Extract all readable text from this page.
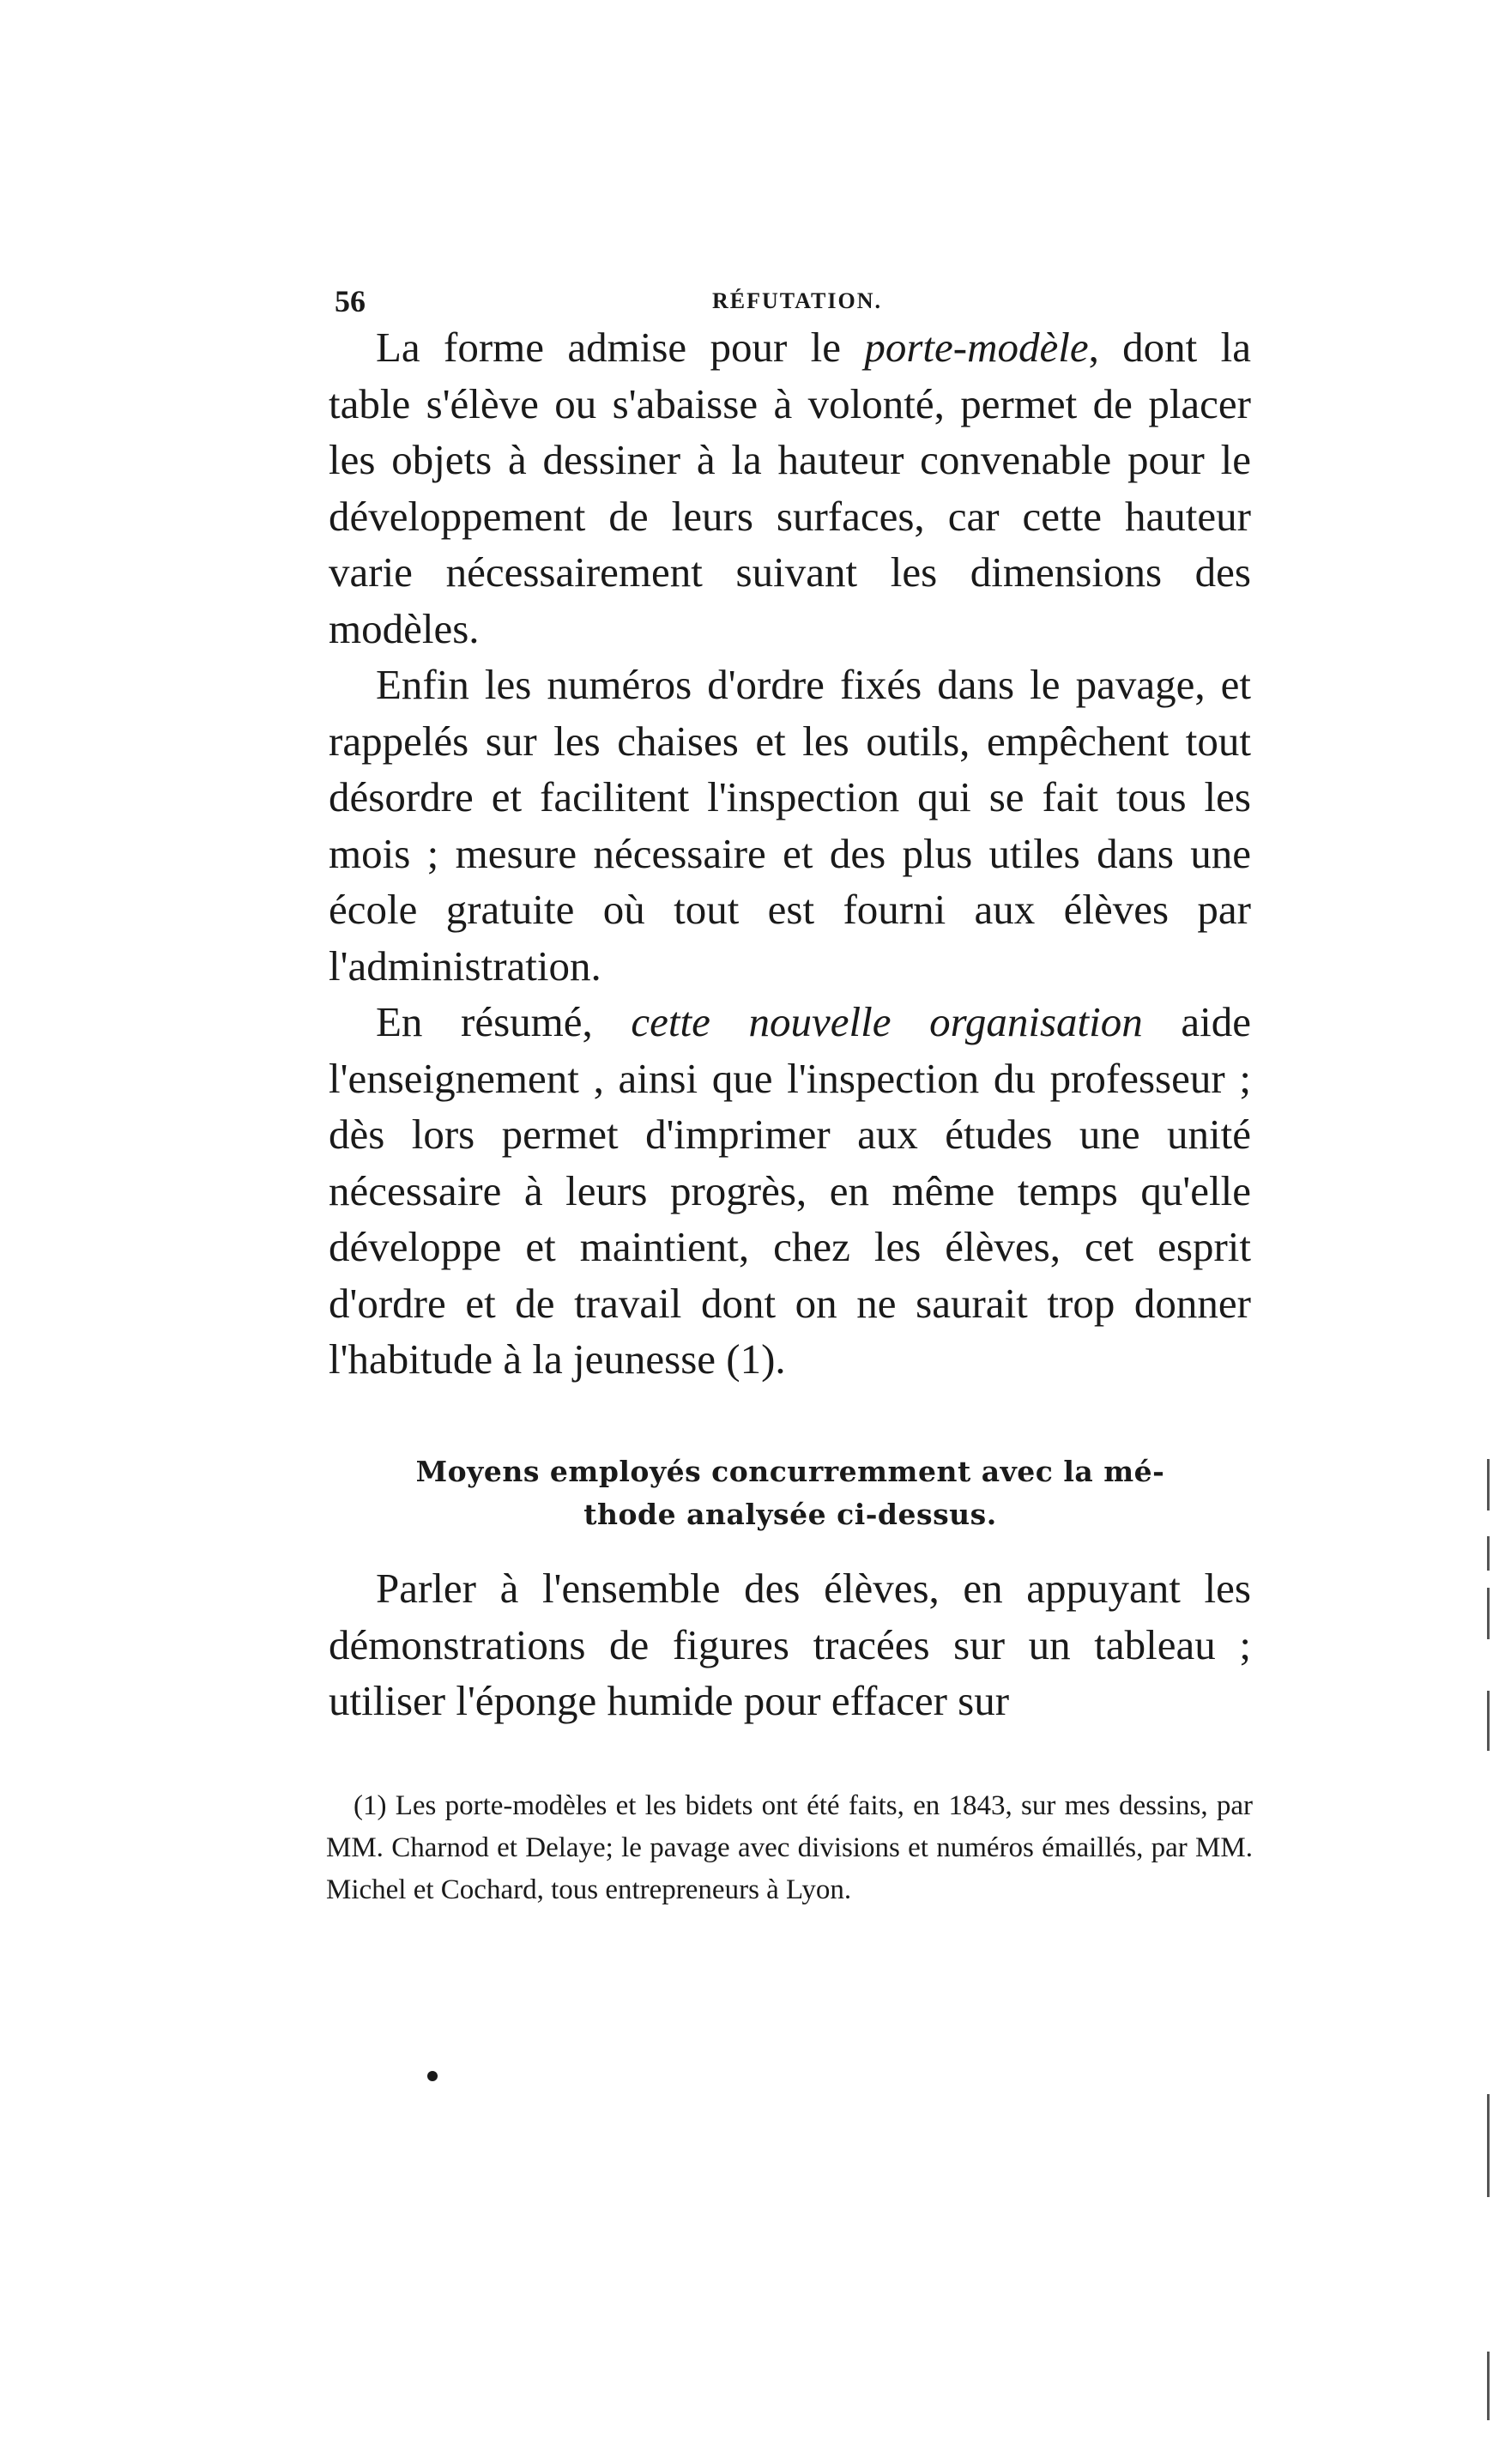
56	RÉFUTATION.

La forme admise pour le porte-modèle, dont la table s'élève ou s'abaisse à volonté, permet de placer les objets à dessiner à la hauteur convenable pour le développement de leurs surfaces, car cette hauteur varie nécessairement suivant les dimensions des modèles.

Enfin les numéros d'ordre fixés dans le pavage, et rappelés sur les chaises et les outils, empêchent tout désordre et facilitent l'inspection qui se fait tous les mois ; mesure nécessaire et des plus utiles dans une école gratuite où tout est fourni aux élèves par l'administration.

En résumé, cette nouvelle organisation aide l'enseignement , ainsi que l'inspection du professeur ; dès lors permet d'imprimer aux études une unité nécessaire à leurs progrès, en même temps qu'elle développe et maintient, chez les élèves, cet esprit d'ordre et de travail dont on ne saurait trop donner l'habitude à la jeunesse (1).

Moyens employés concurremment avec la mé-
thode analysée ci-dessus.

Parler à l'ensemble des élèves, en appuyant les démonstrations de figures tracées sur un tableau ; utiliser l'éponge humide pour effacer sur

(1) Les porte-modèles et les bidets ont été faits, en 1843, sur mes dessins, par MM. Charnod et Delaye; le pavage avec divisions et numéros émaillés, par MM. Michel et Cochard, tous entrepreneurs à Lyon.
